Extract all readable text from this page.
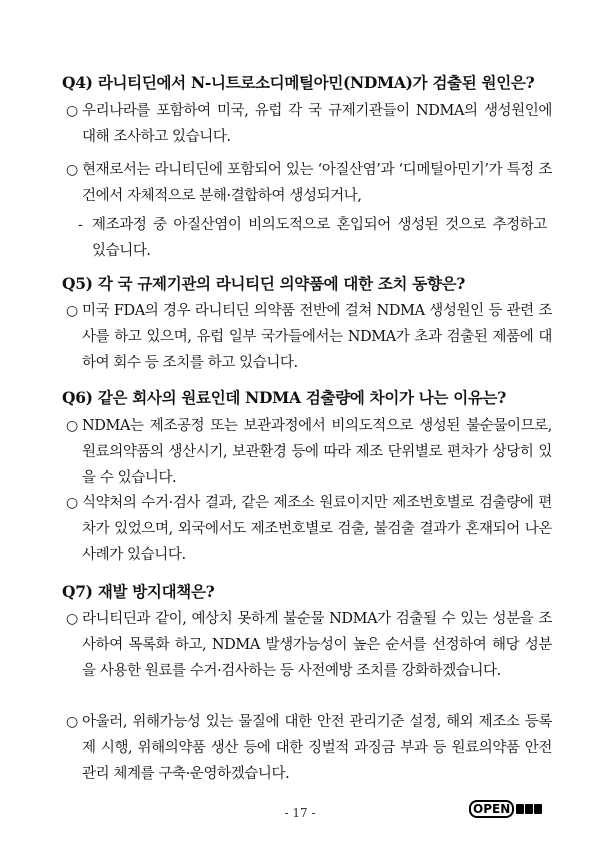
Q4) 라니티딘에서 N-니트로소디메틸아민(NDMA)가 검출된 원인은?
○ 우리나라를 포함하여 미국, 유럽 각 국 규제기관들이 NDMA의 생성원인에 대해 조사하고 있습니다.
○ 현재로서는 라니티딘에 포함되어 있는 ‘아질산염’과 ‘디메틸아민기’가 특정 조건에서 자체적으로 분해·결합하여 생성되거나,
- 제조과정 중 아질산염이 비의도적으로 혼입되어 생성된 것으로 추정하고 있습니다.
Q5) 각 국 규제기관의 라니티딘 의약품에 대한 조치 동향은?
○ 미국 FDA의 경우 라니티딘 의약품 전반에 걸쳐 NDMA 생성원인 등 관련 조사를 하고 있으며, 유럽 일부 국가들에서는 NDMA가 초과 검출된 제품에 대하여 회수 등 조치를 하고 있습니다.
Q6) 같은 회사의 원료인데 NDMA 검출량에 차이가 나는 이유는?
○ NDMA는 제조공정 또는 보관과정에서 비의도적으로 생성된 불순물이므로, 원료의약품의 생산시기, 보관환경 등에 따라 제조 단위별로 편차가 상당히 있을 수 있습니다.
○ 식약처의 수거·검사 결과, 같은 제조소 원료이지만 제조번호별로 검출량에 편차가 있었으며, 외국에서도 제조번호별로 검출, 불검출 결과가 혼재되어 나온 사례가 있습니다.
Q7) 재발 방지대책은?
○ 라니티딘과 같이, 예상치 못하게 불순물 NDMA가 검출될 수 있는 성분을 조사하여 목록화 하고, NDMA 발생가능성이 높은 순서를 선정하여 해당 성분을 사용한 원료를 수거·검사하는 등 사전예방 조치를 강화하겠습니다.
○ 아울러, 위해가능성 있는 물질에 대한 안전 관리기준 설정, 해외 제조소 등록제 시행, 위해의약품 생산 등에 대한 징벌적 과징금 부과 등 원료의약품 안전관리 체계를 구축·운영하겠습니다.
- 17 -	OPEN
